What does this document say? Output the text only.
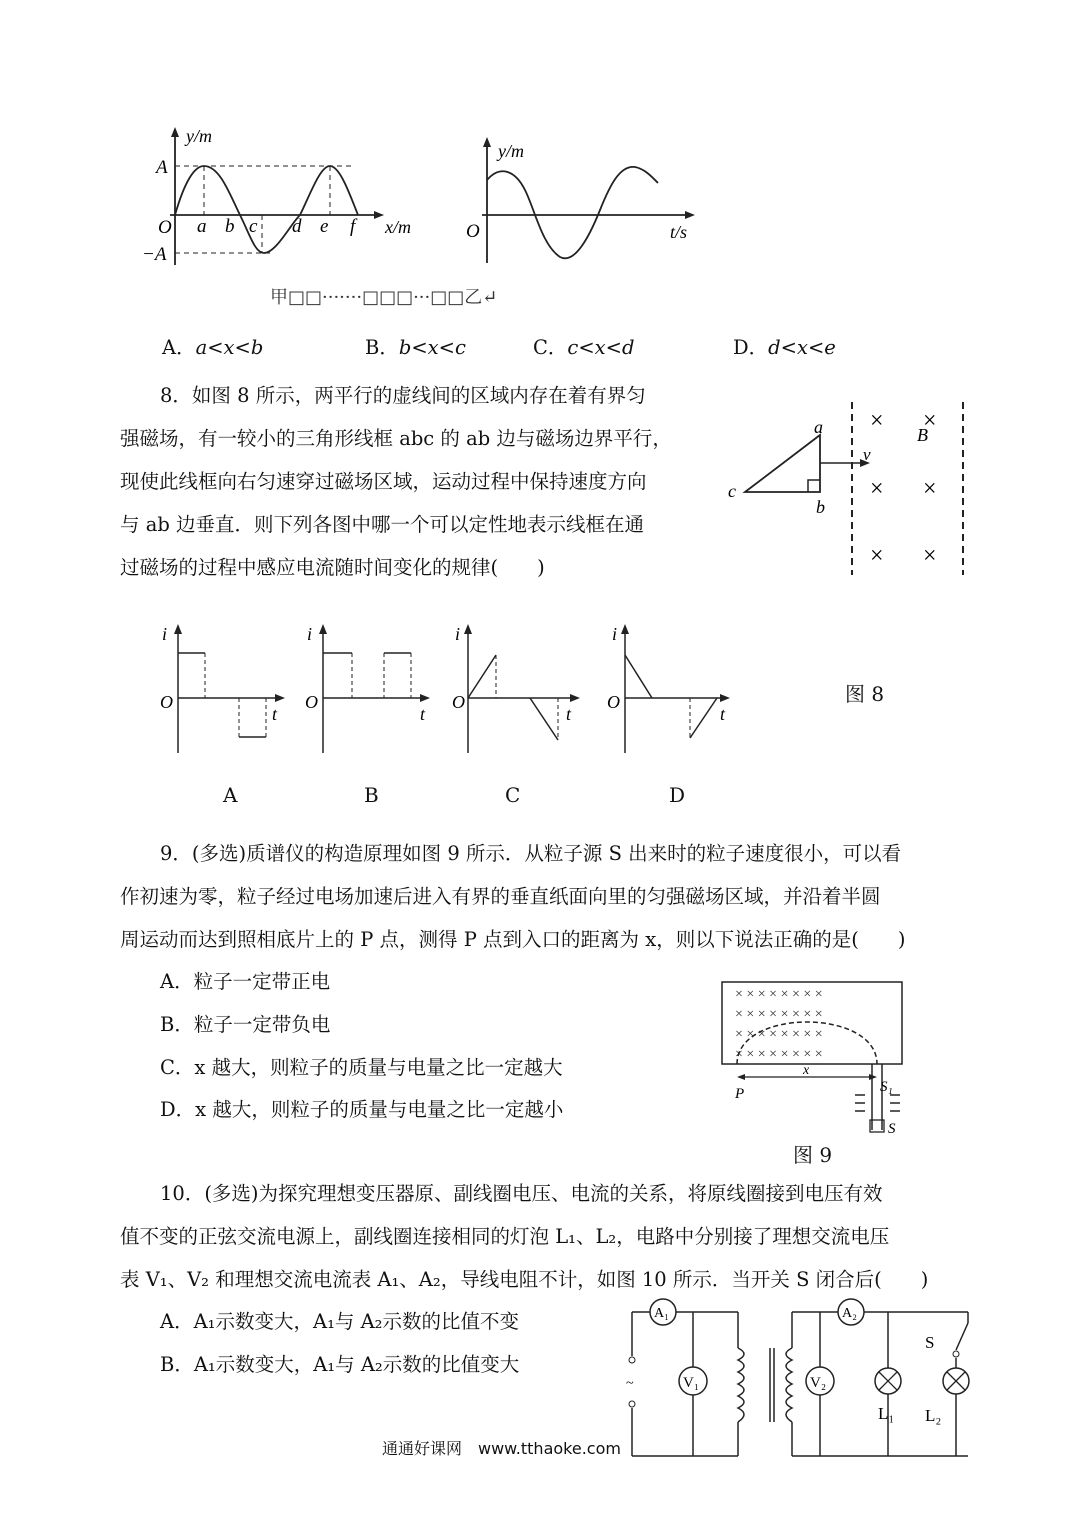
y/m
A
O
−A
a b c d e f x/m
y/m
O	t/s
甲□□·······□□□···□□乙↵
A．a<x<b	B．b<x<c	C．c<x<d	D．d<x<e
8．如图 8 所示，两平行的虚线间的区域内存在着有界匀
强磁场，有一较小的三角形线框 abc 的 ab 边与磁场边界平行，
现使此线框向右匀速穿过磁场区域，运动过程中保持速度方向
与 ab 边垂直．则下列各图中哪一个可以定性地表示线框在通
过磁场的过程中感应电流随时间变化的规律(　　)
a
b
c
v
B
× ×
× ×
× ×
i
O
t
i
O
t
i
O
t
i
O
t
图 8
A	B	C	D
9．(多选)质谱仪的构造原理如图 9 所示．从粒子源 S 出来时的粒子速度很小，可以看
作初速为零，粒子经过电场加速后进入有界的垂直纸面向里的匀强磁场区域，并沿着半圆
周运动而达到照相底片上的 P 点，测得 P 点到入口的距离为 x，则以下说法正确的是(　　)
A．粒子一定带正电
B．粒子一定带负电
C．x 越大，则粒子的质量与电量之比一定越大
D．x 越大，则粒子的质量与电量之比一定越小
× × × × × × × ×
× × × × × × × ×
× × × × × × × ×
× × × × × × × ×
P
x
S₁
S
图 9
10．(多选)为探究理想变压器原、副线圈电压、电流的关系，将原线圈接到电压有效
值不变的正弦交流电源上，副线圈连接相同的灯泡 L₁、L₂，电路中分别接了理想交流电压
表 V₁、V₂ 和理想交流电流表 A₁、A₂，导线电阻不计，如图 10 所示．当开关 S 闭合后(　　)
A．A₁示数变大，A₁与 A₂示数的比值不变
B．A₁示数变大，A₁与 A₂示数的比值变大
A₁	A₂
V₁	V₂
L₁ L₂
S
~
通通好课网　www.tthaoke.com
